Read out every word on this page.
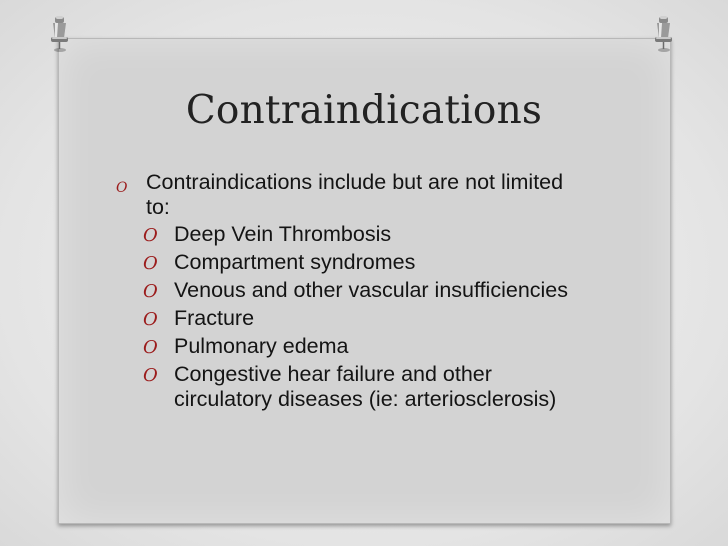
Contraindications
O Contraindications include but are not limited to:
O Deep Vein Thrombosis
O Compartment syndromes
O Venous and other vascular insufficiencies
O Fracture
O Pulmonary edema
O Congestive hear failure and other circulatory diseases (ie: arteriosclerosis)
